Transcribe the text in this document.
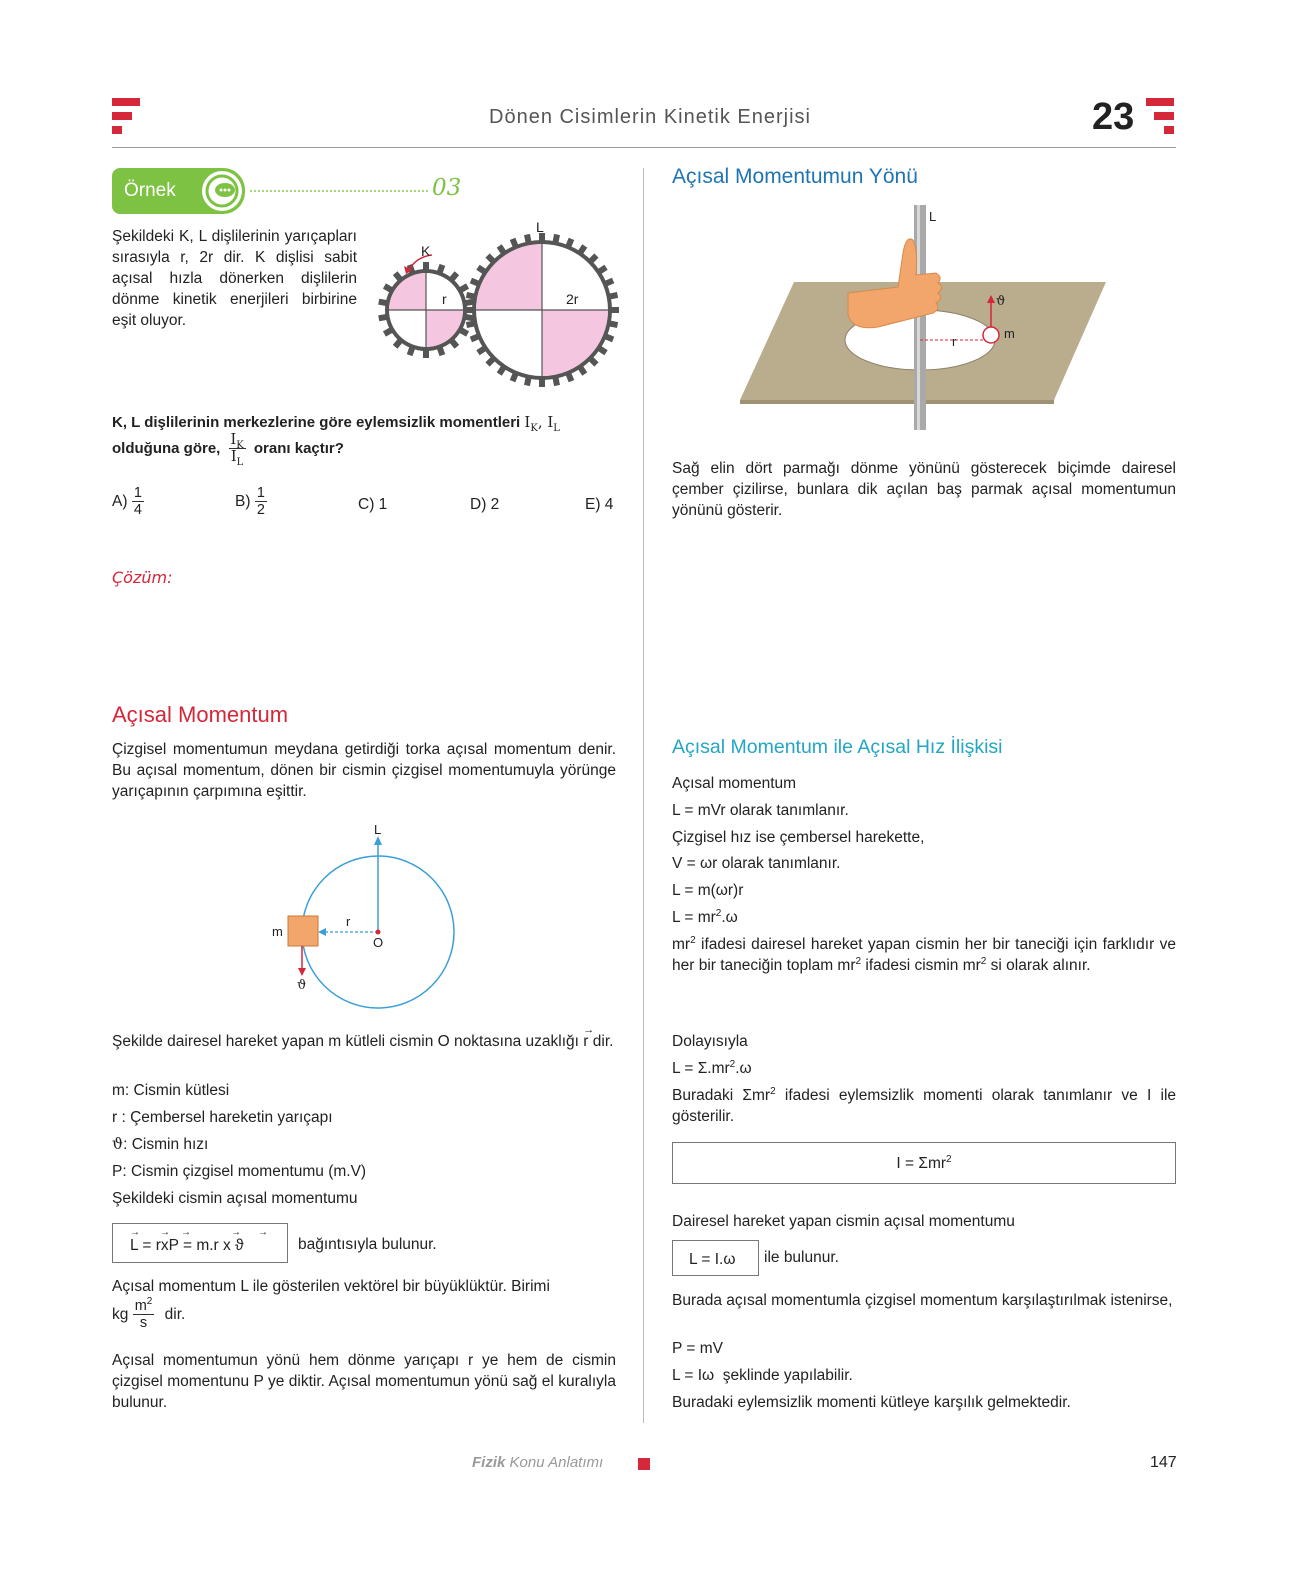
Dönen Cisimlerin Kinetik Enerjisi	23
Örnek	03
Şekildeki K, L dişlilerinin yarıçapları sırasıyla r, 2r dir. K dişlisi sabit açısal hızla dönerken dişlilerin dönme kinetik enerjileri birbirine eşit oluyor.
K
L
r	2r
K, L dişlilerinin merkezlerine göre eylemsizlik momentleri $I_K$, $I_L$
olduğuna göre, $\frac{I_K}{I_L}$ oranı kaçtır?
$A) \frac{1}{4}$	$B) \frac{1}{2}$	C) 1	D) 2	E) 4
Çözüm:
Açısal Momentum
Çizgisel momentumun meydana getirdiği torka açısal momentum denir. Bu açısal momentum, dönen bir cismin çizgisel momentumuyla yörünge yarıçapının çarpımına eşittir.
L
r
O
m
ϑ
Şekilde dairesel hareket yapan m kütleli cismin O noktasına uzaklığı
→
r dir.
m: Cismin kütlesi
r : Çembersel hareketin yarıçapı
ϑ: Cismin hızı
P: Cismin çizgisel momentumu (m.V)
Şekildeki cismin açısal momentumu
→ → →	→ →
L = rxP = m.r x ϑ	bağıntısıyla bulunur.
Açısal momentum L ile gösterilen vektörel bir büyüklüktür. Birimi
kg $\frac{m^2}{s}$ dir.
Açısal momentumun yönü hem dönme yarıçapı r ye hem de cismin çizgisel momentunu P ye diktir. Açısal momentumun yönü sağ el kuralıyla bulunur.
Açısal Momentumun Yönü
L
ϑ
m
r
Sağ elin dört parmağı dönme yönünü gösterecek biçimde dairesel çember çizilirse, bunlara dik açılan baş parmak açısal momentumun yönünü gösterir.
Açısal Momentum ile Açısal Hız İlişkisi
Açısal momentum
L = mVr olarak tanımlanır.
Çizgisel hız ise çembersel harekette,
V = ωr olarak tanımlanır.
L = m(ωr)r
$L = mr^2.\omega$
$mr^2$ ifadesi dairesel hareket yapan cismin her bir taneciği için farklıdır ve her bir taneciğin toplam $mr^2$ ifadesi cismin $mr^2$ si olarak alınır.
Dolayısıyla
$L = \Sigma.mr^2.\omega$
Buradaki Σmr$^2$ ifadesi eylemsizlik momenti olarak tanımlanır ve I ile gösterilir.
I = Σmr$^2$
Dairesel hareket yapan cismin açısal momentumu
L = I.ω ile bulunur.
Burada açısal momentumla çizgisel momentum karşılaştırılmak istenirse,
P = mV
L = Iω şeklinde yapılabilir.
Buradaki eylemsizlik momenti kütleye karşılık gelmektedir.
Fizik Konu Anlatımı	147
